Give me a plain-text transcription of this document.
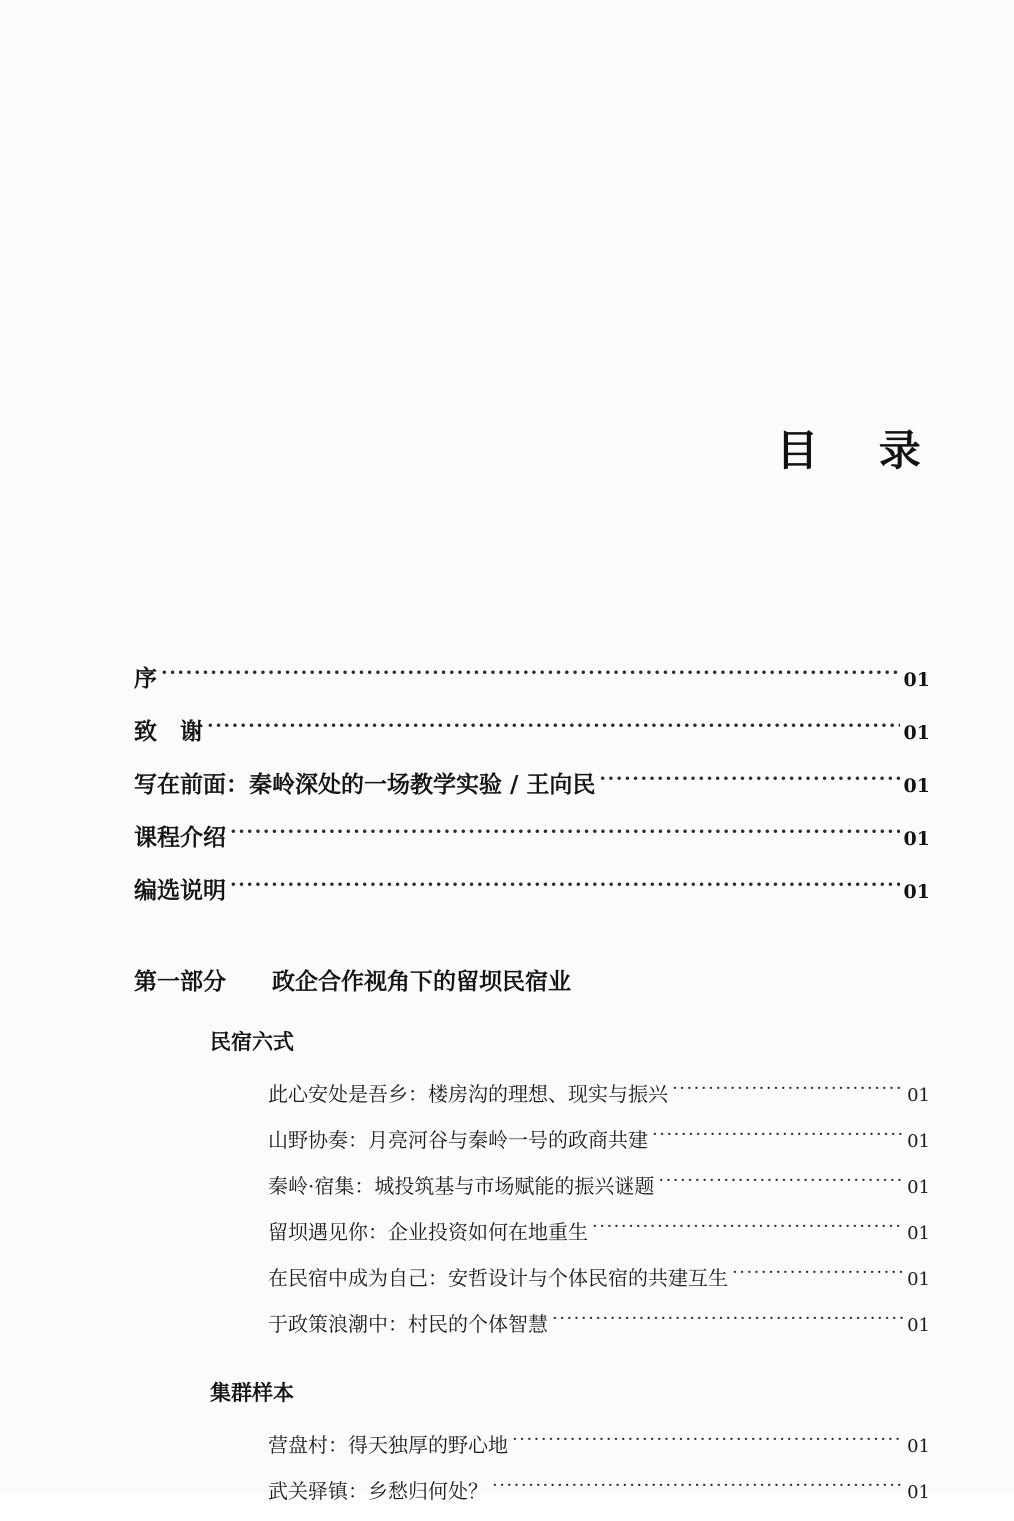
目　录
序 ·····	01
致　谢 ·····	01
写在前面：秦岭深处的一场教学实验 / 王向民 ·····	01
课程介绍 ·····	01
编选说明 ·····	01
第一部分　　政企合作视角下的留坝民宿业
民宿六式
此心安处是吾乡：楼房沟的理想、现实与振兴 ·····	01
山野协奏：月亮河谷与秦岭一号的政商共建 ·····	01
秦岭·宿集：城投筑基与市场赋能的振兴谜题 ·····	01
留坝遇见你：企业投资如何在地重生 ·····	01
在民宿中成为自己：安哲设计与个体民宿的共建互生 ·····	01
于政策浪潮中：村民的个体智慧 ·····	01
集群样本
营盘村：得天独厚的野心地 ·····	01
武关驿镇：乡愁归何处？ ·····	01
